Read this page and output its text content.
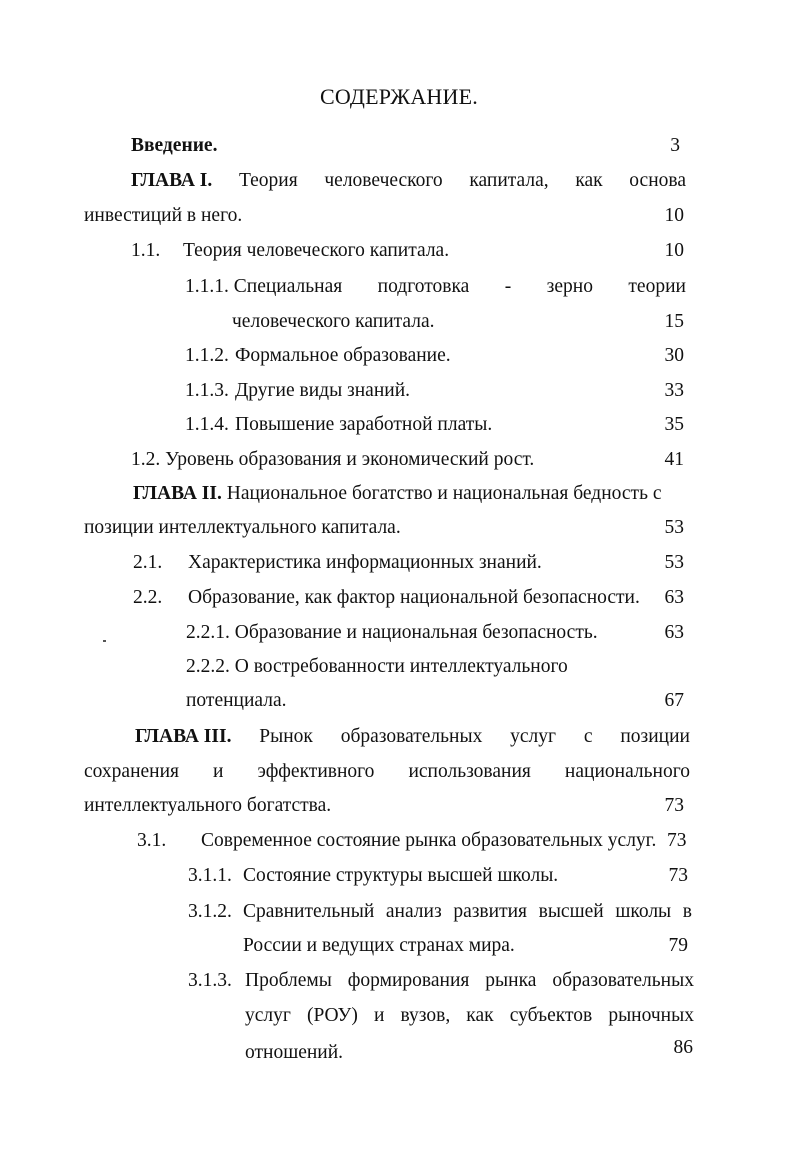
СОДЕРЖАНИЕ.
Введение.	3
ГЛАВА I. Теория человеческого капитала, как основа
инвестиций в него.	10
1.1. Теория человеческого капитала.	10
1.1.1. Специальная подготовка - зерно теории
человеческого капитала.	15
1.1.2. Формальное образование.	30
1.1.3. Другие виды знаний.	33
1.1.4. Повышение заработной платы.	35
1.2. Уровень образования и экономический рост.	41
ГЛАВА II. Национальное богатство и национальная бедность с
позиции интеллектуального капитала.	53
2.1. Характеристика информационных знаний.	53
2.2. Образование, как фактор национальной безопасности.	63
2.2.1. Образование и национальная безопасность.	63
2.2.2. О востребованности интеллектуального
потенциала.	67
ГЛАВА III. Рынок образовательных услуг с позиции
сохранения и эффективного использования национального
интеллектуального богатства.	73
3.1. Современное состояние рынка образовательных услуг. 73
3.1.1. Состояние структуры высшей школы.	73
3.1.2. Сравнительный анализ развития высшей школы в
России и ведущих странах мира.	79
3.1.3. Проблемы формирования рынка образовательных
услуг (РОУ) и вузов, как субъектов рыночных
отношений.	86
